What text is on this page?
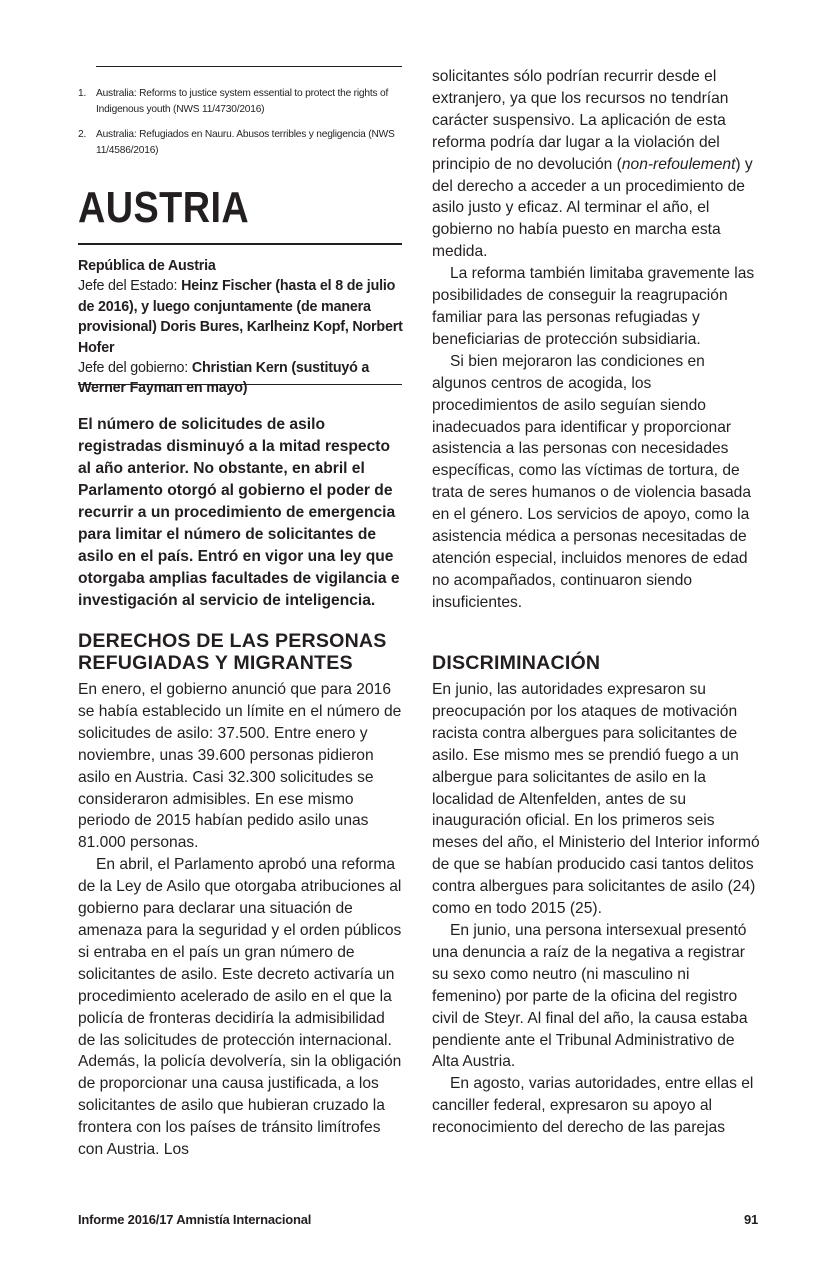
1. Australia: Reforms to justice system essential to protect the rights of Indigenous youth (NWS 11/4730/2016)
2. Australia: Refugiados en Nauru. Abusos terribles y negligencia (NWS 11/4586/2016)
AUSTRIA
República de Austria
Jefe del Estado: Heinz Fischer (hasta el 8 de julio de 2016), y luego conjuntamente (de manera provisional) Doris Bures, Karlheinz Kopf, Norbert Hofer
Jefe del gobierno: Christian Kern (sustituyó a Werner Fayman en mayo)

El número de solicitudes de asilo registradas disminuyó a la mitad respecto al año anterior. No obstante, en abril el Parlamento otorgó al gobierno el poder de recurrir a un procedimiento de emergencia para limitar el número de solicitantes de asilo en el país. Entró en vigor una ley que otorgaba amplias facultades de vigilancia e investigación al servicio de inteligencia.

DERECHOS DE LAS PERSONAS REFUGIADAS Y MIGRANTES

En enero, el gobierno anunció que para 2016 se había establecido un límite en el número de solicitudes de asilo: 37.500. Entre enero y noviembre, unas 39.600 personas pidieron asilo en Austria. Casi 32.300 solicitudes se consideraron admisibles. En ese mismo periodo de 2015 habían pedido asilo unas 81.000 personas.

En abril, el Parlamento aprobó una reforma de la Ley de Asilo que otorgaba atribuciones al gobierno para declarar una situación de amenaza para la seguridad y el orden públicos si entraba en el país un gran número de solicitantes de asilo. Este decreto activaría un procedimiento acelerado de asilo en el que la policía de fronteras decidiría la admisibilidad de las solicitudes de protección internacional. Además, la policía devolvería, sin la obligación de proporcionar una causa justificada, a los solicitantes de asilo que hubieran cruzado la frontera con los países de tránsito limítrofes con Austria. Los

solicitantes sólo podrían recurrir desde el extranjero, ya que los recursos no tendrían carácter suspensivo. La aplicación de esta reforma podría dar lugar a la violación del principio de no devolución (non-refoulement) y del derecho a acceder a un procedimiento de asilo justo y eficaz. Al terminar el año, el gobierno no había puesto en marcha esta medida.

La reforma también limitaba gravemente las posibilidades de conseguir la reagrupación familiar para las personas refugiadas y beneficiarias de protección subsidiaria.

Si bien mejoraron las condiciones en algunos centros de acogida, los procedimientos de asilo seguían siendo inadecuados para identificar y proporcionar asistencia a las personas con necesidades específicas, como las víctimas de tortura, de trata de seres humanos o de violencia basada en el género. Los servicios de apoyo, como la asistencia médica a personas necesitadas de atención especial, incluidos menores de edad no acompañados, continuaron siendo insuficientes.

DISCRIMINACIÓN

En junio, las autoridades expresaron su preocupación por los ataques de motivación racista contra albergues para solicitantes de asilo. Ese mismo mes se prendió fuego a un albergue para solicitantes de asilo en la localidad de Altenfelden, antes de su inauguración oficial. En los primeros seis meses del año, el Ministerio del Interior informó de que se habían producido casi tantos delitos contra albergues para solicitantes de asilo (24) como en todo 2015 (25).

En junio, una persona intersexual presentó una denuncia a raíz de la negativa a registrar su sexo como neutro (ni masculino ni femenino) por parte de la oficina del registro civil de Steyr. Al final del año, la causa estaba pendiente ante el Tribunal Administrativo de Alta Austria.

En agosto, varias autoridades, entre ellas el canciller federal, expresaron su apoyo al reconocimiento del derecho de las parejas

Informe 2016/17 Amnistía Internacional	91
